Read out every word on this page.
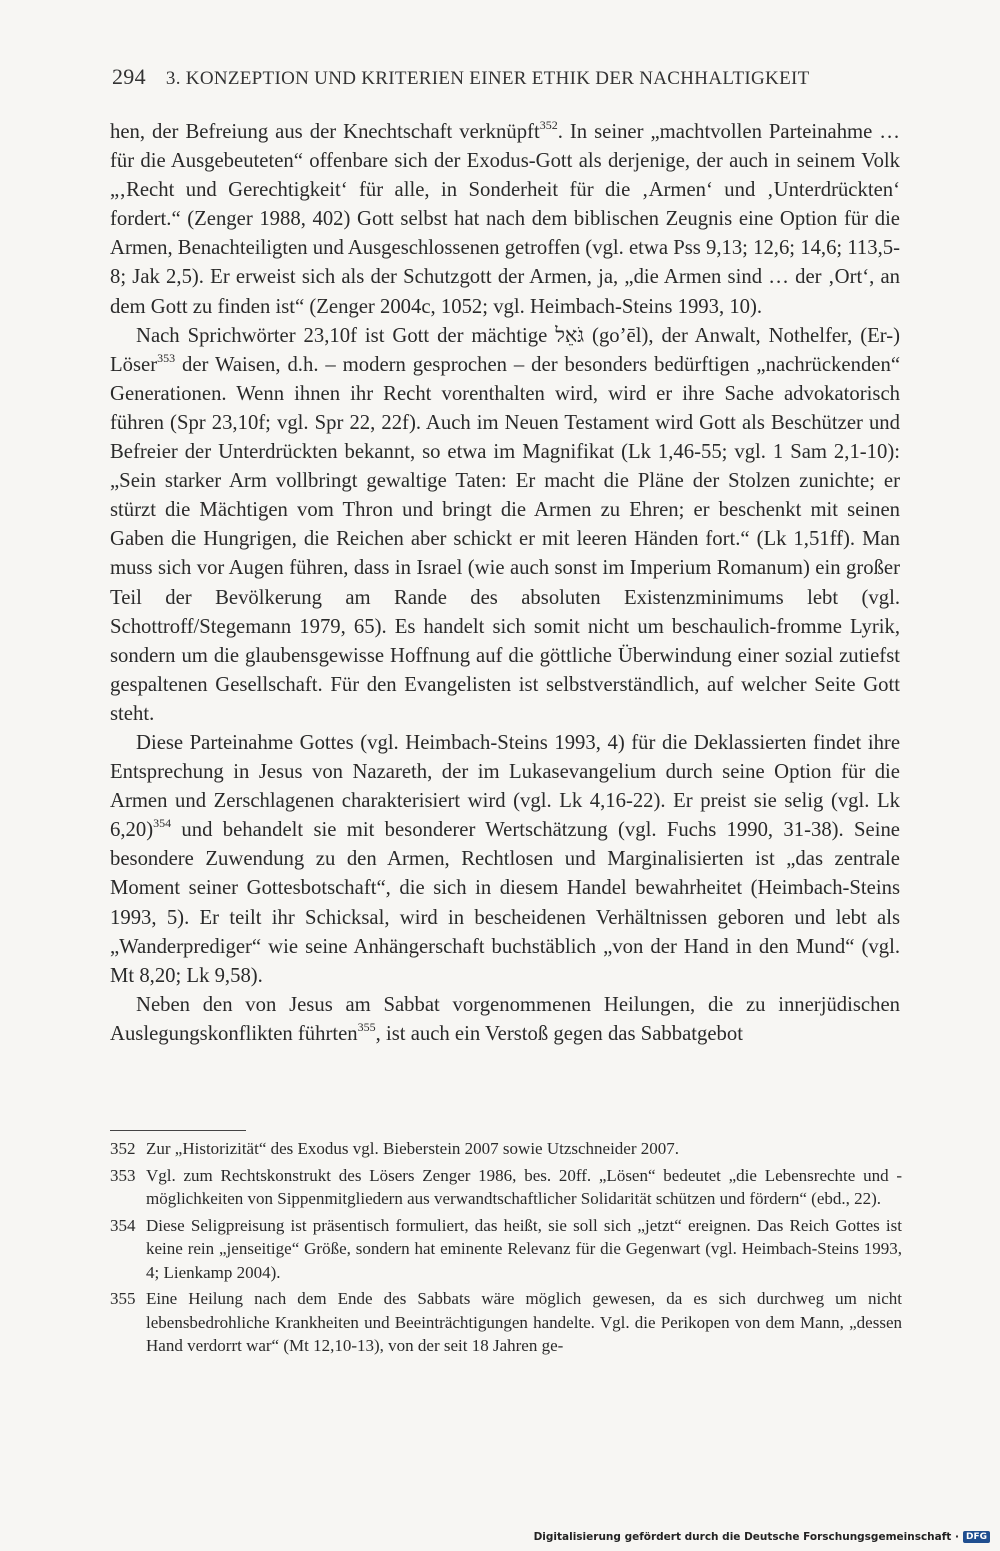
294 3. KONZEPTION UND KRITERIEN EINER ETHIK DER NACHHALTIGKEIT

hen, der Befreiung aus der Knechtschaft verknüpft$^{352}$. In seiner „machtvollen Parteinahme … für die Ausgebeuteten“ offenbare sich der Exodus-Gott als derjenige, der auch in seinem Volk „‚Recht und Gerechtigkeit‘ für alle, in Sonderheit für die ‚Armen‘ und ‚Unterdrückten‘ fordert.“ (Zenger 1988, 402) Gott selbst hat nach dem biblischen Zeugnis eine Option für die Armen, Benachteiligten und Ausgeschlossenen getroffen (vgl. etwa Pss 9,13; 12,6; 14,6; 113,5-8; Jak 2,5). Er erweist sich als der Schutzgott der Armen, ja, „die Armen sind … der ‚Ort‘, an dem Gott zu finden ist“ (Zenger 2004c, 1052; vgl. Heimbach-Steins 1993, 10).

Nach Sprichwörter 23,10f ist Gott der mächtige גֹּאֵל (go’ēl), der Anwalt, Nothelfer, (Er-) Löser$^{353}$ der Waisen, d.h. – modern gesprochen – der besonders bedürftigen „nachrückenden“ Generationen. Wenn ihnen ihr Recht vorenthalten wird, wird er ihre Sache advokatorisch führen (Spr 23,10f; vgl. Spr 22, 22f). Auch im Neuen Testament wird Gott als Beschützer und Befreier der Unterdrückten bekannt, so etwa im Magnifikat (Lk 1,46-55; vgl. 1 Sam 2,1-10): „Sein starker Arm vollbringt gewaltige Taten: Er macht die Pläne der Stolzen zunichte; er stürzt die Mächtigen vom Thron und bringt die Armen zu Ehren; er beschenkt mit seinen Gaben die Hungrigen, die Reichen aber schickt er mit leeren Händen fort.“ (Lk 1,51ff). Man muss sich vor Augen führen, dass in Israel (wie auch sonst im Imperium Romanum) ein großer Teil der Bevölkerung am Rande des absoluten Existenzminimums lebt (vgl. Schottroff/Stegemann 1979, 65). Es handelt sich somit nicht um beschaulich-fromme Lyrik, sondern um die glaubensgewisse Hoffnung auf die göttliche Überwindung einer sozial zutiefst gespaltenen Gesellschaft. Für den Evangelisten ist selbstverständlich, auf welcher Seite Gott steht.

Diese Parteinahme Gottes (vgl. Heimbach-Steins 1993, 4) für die Deklassierten findet ihre Entsprechung in Jesus von Nazareth, der im Lukasevangelium durch seine Option für die Armen und Zerschlagenen charakterisiert wird (vgl. Lk 4,16-22). Er preist sie selig (vgl. Lk 6,20)$^{354}$ und behandelt sie mit besonderer Wertschätzung (vgl. Fuchs 1990, 31-38). Seine besondere Zuwendung zu den Armen, Rechtlosen und Marginalisierten ist „das zentrale Moment seiner Gottesbotschaft“, die sich in diesem Handel bewahrheitet (Heimbach-Steins 1993, 5). Er teilt ihr Schicksal, wird in bescheidenen Verhältnissen geboren und lebt als „Wanderprediger“ wie seine Anhängerschaft buchstäblich „von der Hand in den Mund“ (vgl. Mt 8,20; Lk 9,58).

Neben den von Jesus am Sabbat vorgenommenen Heilungen, die zu innerjüdischen Auslegungskonflikten führten$^{355}$, ist auch ein Verstoß gegen das Sabbatgebot

352 Zur „Historizität“ des Exodus vgl. Bieberstein 2007 sowie Utzschneider 2007.
353 Vgl. zum Rechtskonstrukt des Lösers Zenger 1986, bes. 20ff. „Lösen“ bedeutet „die Lebensrechte und -möglichkeiten von Sippenmitgliedern aus verwandtschaftlicher Solidarität schützen und fördern“ (ebd., 22).
354 Diese Seligpreisung ist präsentisch formuliert, das heißt, sie soll sich „jetzt“ ereignen. Das Reich Gottes ist keine rein „jenseitige“ Größe, sondern hat eminente Relevanz für die Gegenwart (vgl. Heimbach-Steins 1993, 4; Lienkamp 2004).
355 Eine Heilung nach dem Ende des Sabbats wäre möglich gewesen, da es sich durchweg um nicht lebensbedrohliche Krankheiten und Beeinträchtigungen handelte. Vgl. die Perikopen von dem Mann, „dessen Hand verdorrt war“ (Mt 12,10-13), von der seit 18 Jahren ge-
Digitalisierung gefördert durch die Deutsche Forschungsgemeinschaft · DFG
